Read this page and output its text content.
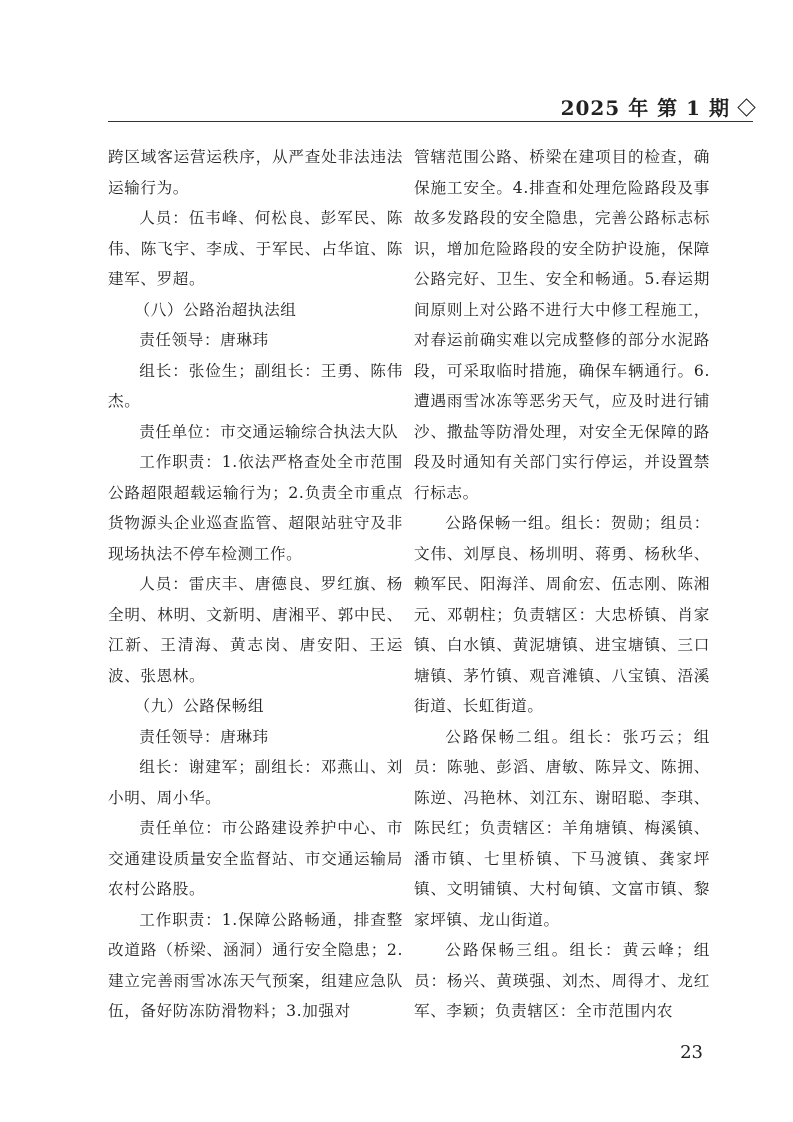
2025 年 第 1 期

跨区域客运营运秩序，从严查处非法违法运输行为。

人员：伍韦峰、何松良、彭军民、陈伟、陈飞宇、李成、于军民、占华谊、陈建军、罗超。

（八）公路治超执法组

责任领导：唐琳玮

组长：张俭生；副组长：王勇、陈伟杰。

责任单位：市交通运输综合执法大队

工作职责：1.依法严格查处全市范围公路超限超载运输行为；2.负责全市重点货物源头企业巡查监管、超限站驻守及非现场执法不停车检测工作。

人员：雷庆丰、唐德良、罗红旗、杨全明、林明、文新明、唐湘平、郭中民、江新、王清海、黄志岗、唐安阳、王运波、张恩林。

（九）公路保畅组

责任领导：唐琳玮

组长：谢建军；副组长：邓燕山、刘小明、周小华。

责任单位：市公路建设养护中心、市交通建设质量安全监督站、市交通运输局农村公路股。

工作职责：1.保障公路畅通，排查整改道路（桥梁、涵洞）通行安全隐患；2.建立完善雨雪冰冻天气预案，组建应急队伍，备好防冻防滑物料；3.加强对

管辖范围公路、桥梁在建项目的检查，确保施工安全。4.排查和处理危险路段及事故多发路段的安全隐患，完善公路标志标识，增加危险路段的安全防护设施，保障公路完好、卫生、安全和畅通。5.春运期间原则上对公路不进行大中修工程施工，对春运前确实难以完成整修的部分水泥路段，可采取临时措施，确保车辆通行。6.遭遇雨雪冰冻等恶劣天气，应及时进行铺沙、撒盐等防滑处理，对安全无保障的路段及时通知有关部门实行停运，并设置禁行标志。

公路保畅一组。组长：贺勋；组员：文伟、刘厚良、杨圳明、蒋勇、杨秋华、赖军民、阳海洋、周俞宏、伍志刚、陈湘元、邓朝柱；负责辖区：大忠桥镇、肖家镇、白水镇、黄泥塘镇、进宝塘镇、三口塘镇、茅竹镇、观音滩镇、八宝镇、浯溪街道、长虹街道。

公路保畅二组。组长：张巧云；组员：陈驰、彭滔、唐敏、陈异文、陈拥、陈逆、冯艳林、刘江东、谢昭聪、李琪、陈民红；负责辖区：羊角塘镇、梅溪镇、潘市镇、七里桥镇、下马渡镇、龚家坪镇、文明铺镇、大村甸镇、文富市镇、黎家坪镇、龙山街道。

公路保畅三组。组长：黄云峰；组员：杨兴、黄瑛强、刘杰、周得才、龙红军、李颖；负责辖区：全市范围内农

23
